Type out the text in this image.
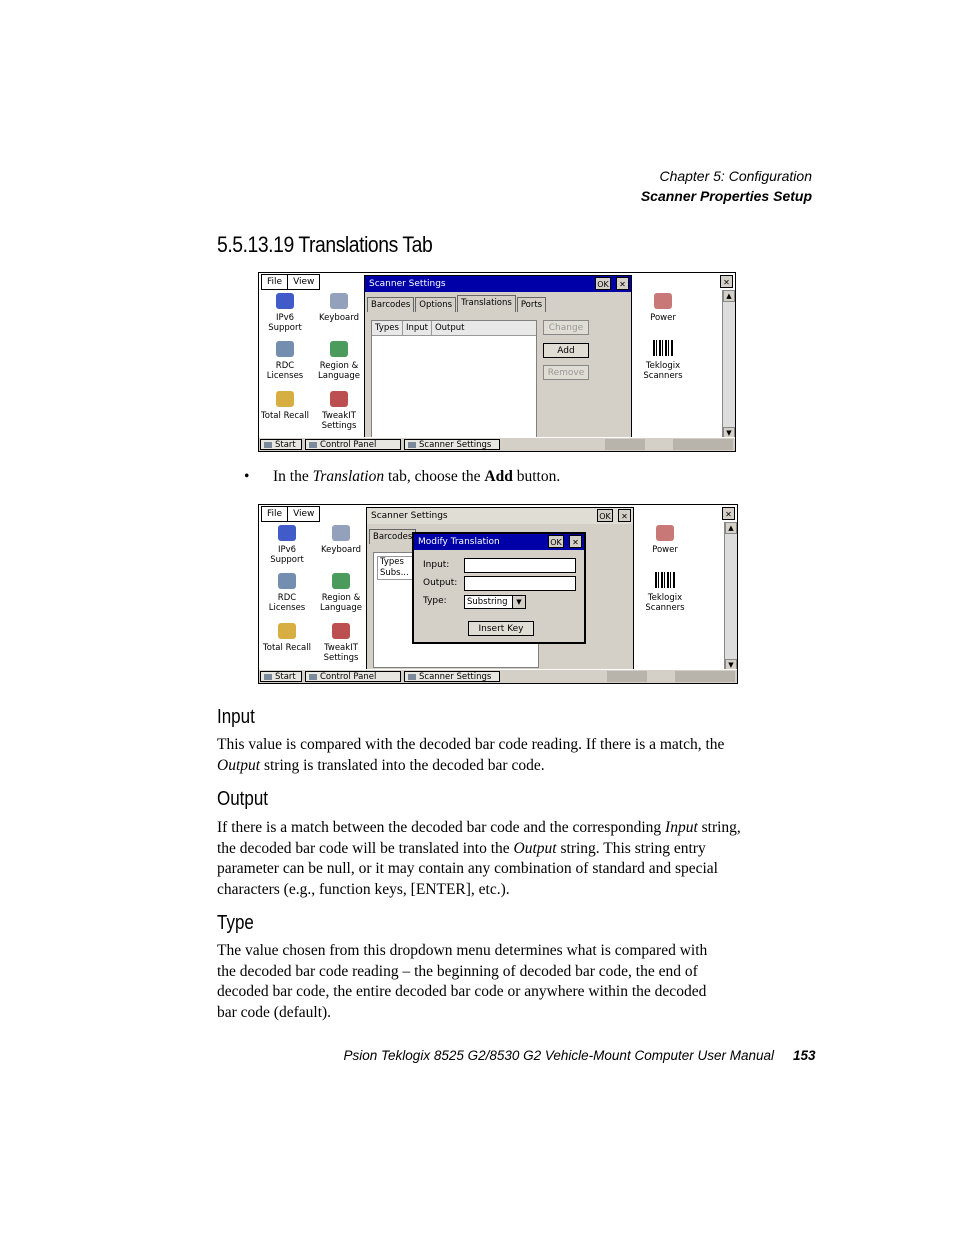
Chapter 5: Configuration
Scanner Properties Setup
5.5.13.19 Translations Tab
File	View
IPv6
Support
Keyboard
RDC
Licenses
Region &
Language
Total Recall	TweakIT
Settings
Scanner Settings	OK	✕
Barcodes	Options	Translations	Ports
Types Input Output	Change
Add
Remove
Power
Teklogix
Scanners
✕
▲
▼
Start	Control Panel	Scanner Settings
• In the Translation tab, choose the Add button.
File	View
IPv6
Support
Keyboard
RDC
Licenses
Region &
Language
Total Recall	TweakIT
Settings
Scanner Settings	OK	✕
Barcodes
Types
Subs...
Modify Translation	OK	✕
Input:
Output:
Type:	Substring	▼
Insert Key
Power
Teklogix
Scanners
✕
▲
▼
Start	Control Panel	Scanner Settings
Input
This value is compared with the decoded bar code reading. If there is a match, the
Output string is translated into the decoded bar code.
Output
If there is a match between the decoded bar code and the corresponding Input string,
the decoded bar code will be translated into the Output string. This string entry
parameter can be null, or it may contain any combination of standard and special
characters (e.g., function keys, [ENTER], etc.).
Type
The value chosen from this dropdown menu determines what is compared with
the decoded bar code reading – the beginning of decoded bar code, the end of
decoded bar code, the entire decoded bar code or anywhere within the decoded
bar code (default).
Psion Teklogix 8525 G2/8530 G2 Vehicle-Mount Computer User Manual 153
